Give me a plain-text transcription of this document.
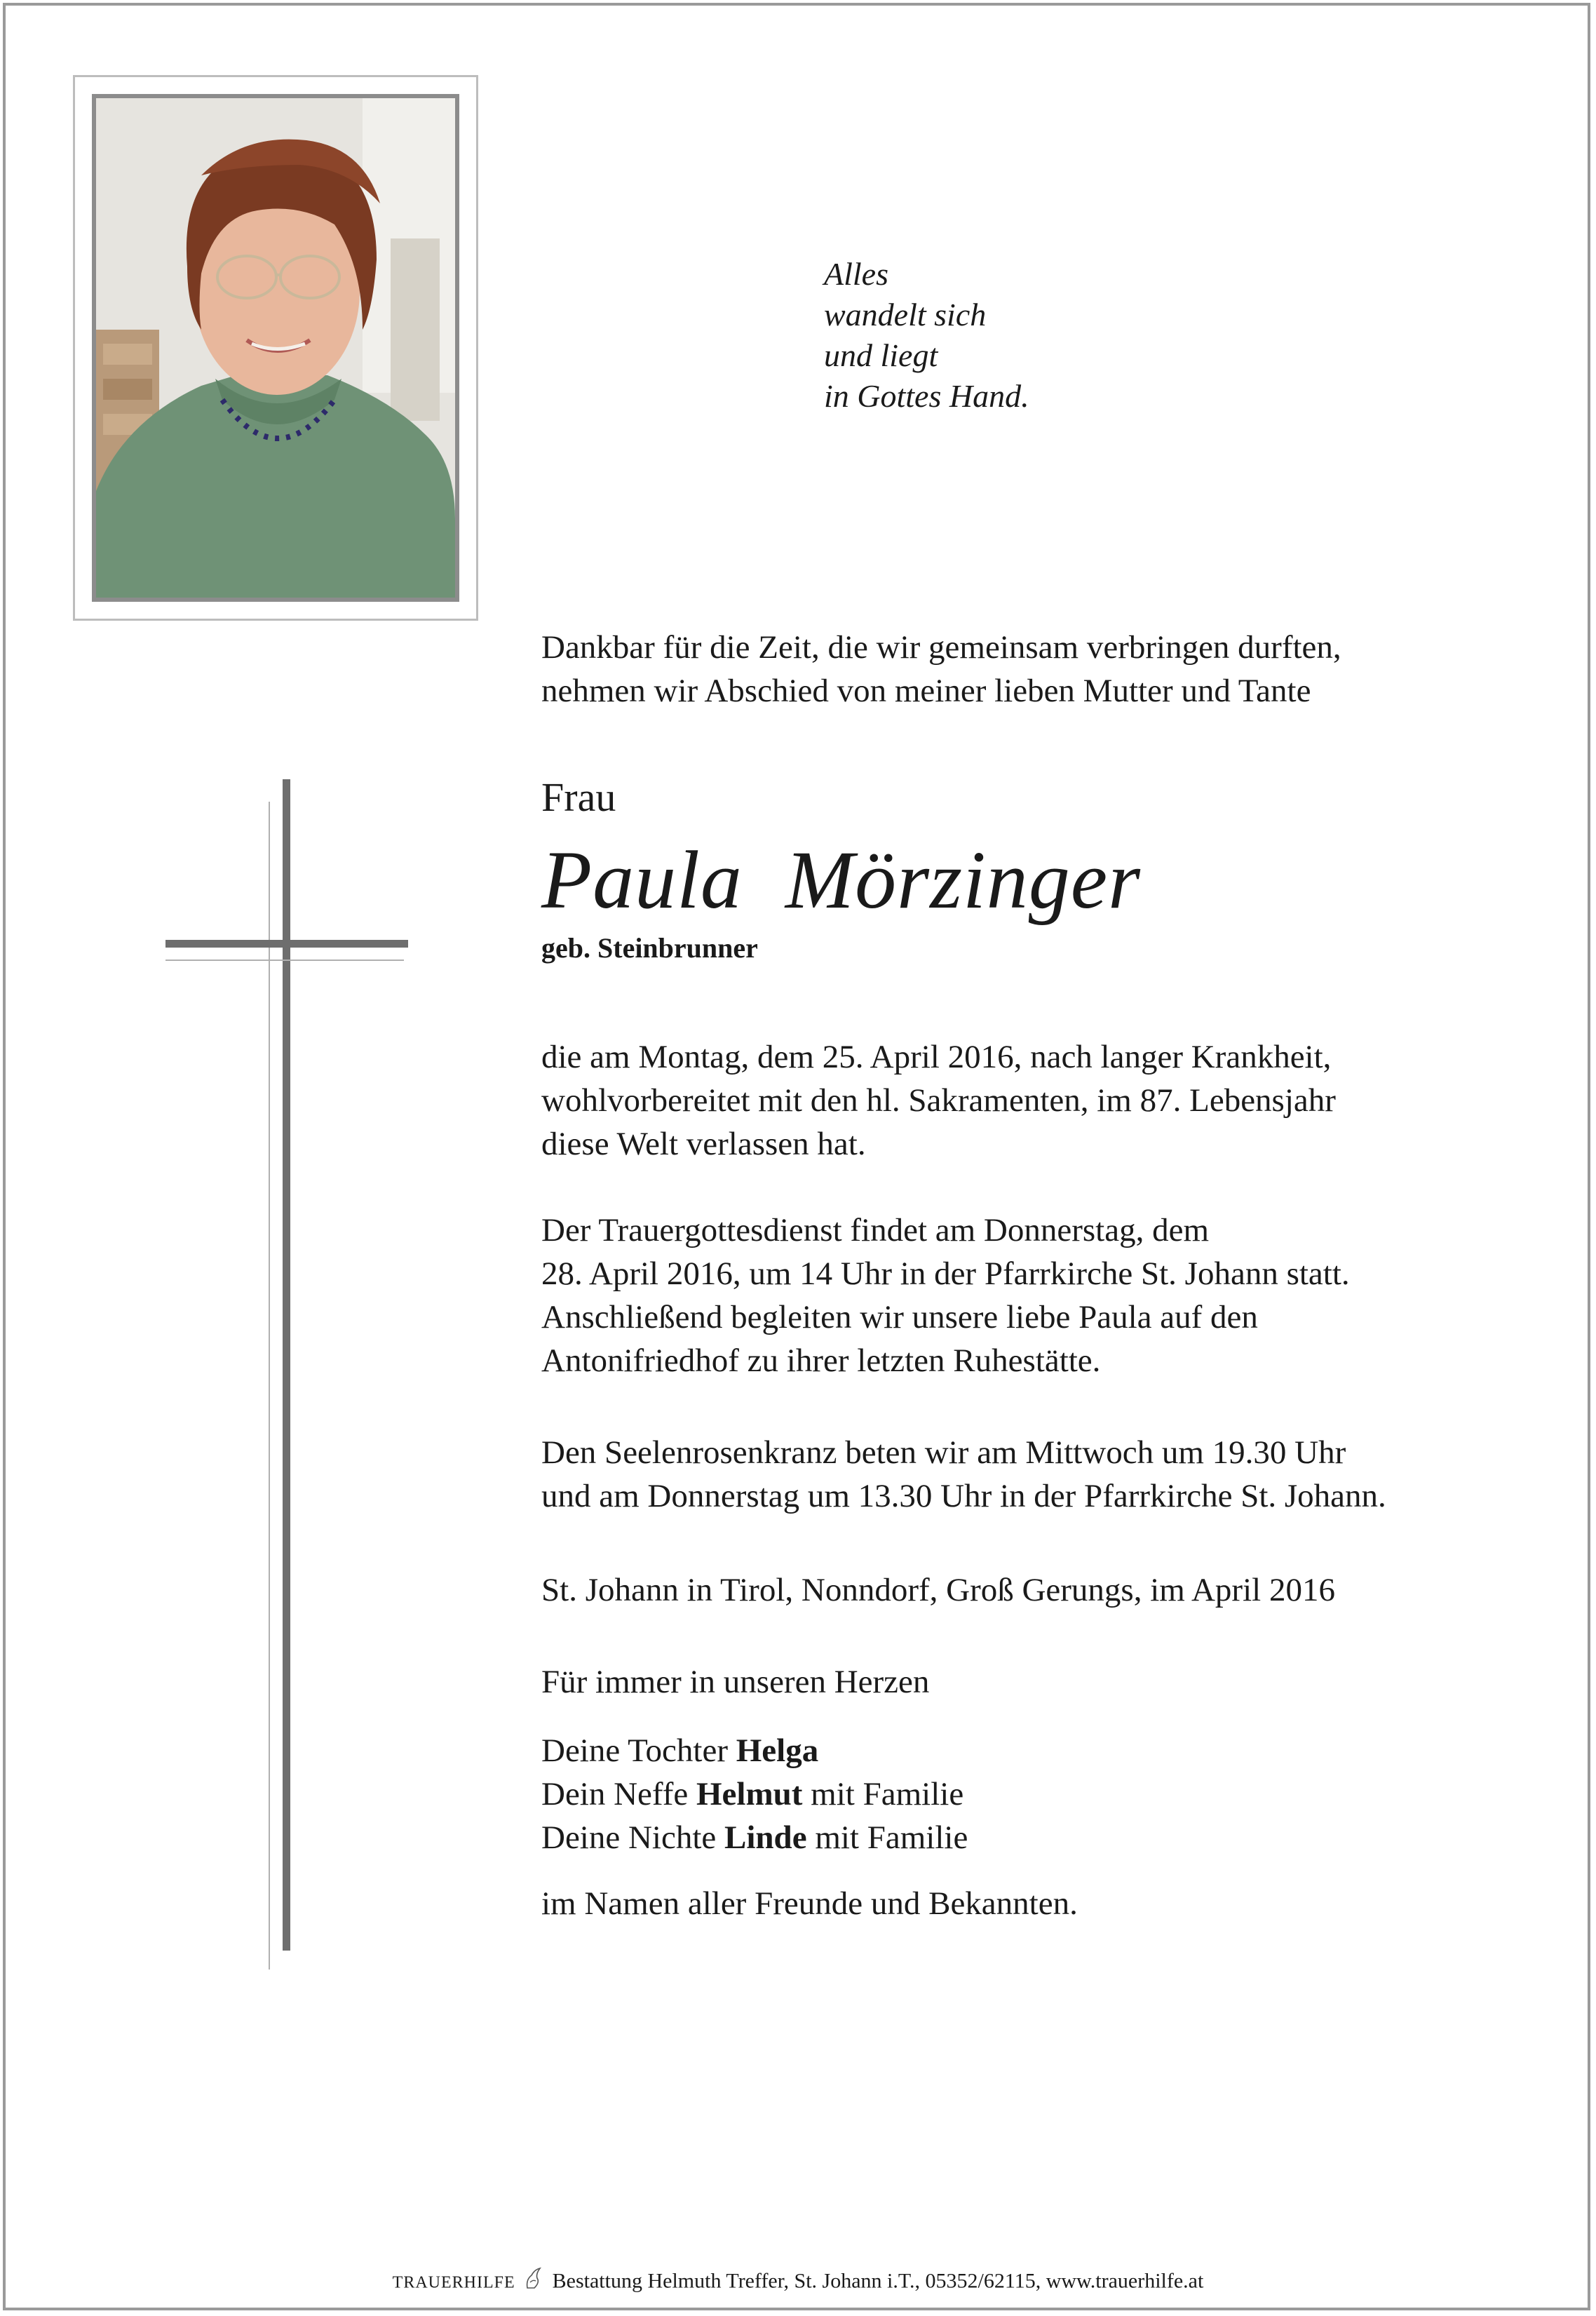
Alles
wandelt sich
und liegt
in Gottes Hand.

Dankbar für die Zeit, die wir gemeinsam verbringen durften,

nehmen wir Abschied von meiner lieben Mutter und Tante

Frau
Paula  Mörzinger
geb. Steinbrunner

die am Montag, dem 25. April 2016, nach langer Krankheit,

wohlvorbereitet mit den hl. Sakramenten, im 87. Lebensjahr

diese Welt verlassen hat.

Der Trauergottesdienst findet am Donnerstag, dem

28. April 2016, um 14 Uhr in der Pfarrkirche St. Johann statt.

Anschließend begleiten wir unsere liebe Paula auf den

Antonifriedhof zu ihrer letzten Ruhestätte.

Den Seelenrosenkranz beten wir am Mittwoch um 19.30 Uhr

und am Donnerstag um 13.30 Uhr in der Pfarrkirche St. Johann.

St. Johann in Tirol, Nonndorf, Groß Gerungs, im April 2016
Für immer in unseren Herzen

Deine Tochter Helga

Dein Neffe Helmut mit Familie

Deine Nichte Linde mit Familie

im Namen aller Freunde und Bekannten.
TRAUERHILFE Bestattung Helmuth Treffer, St. Johann i.T., 05352/62115, www.trauerhilfe.at
